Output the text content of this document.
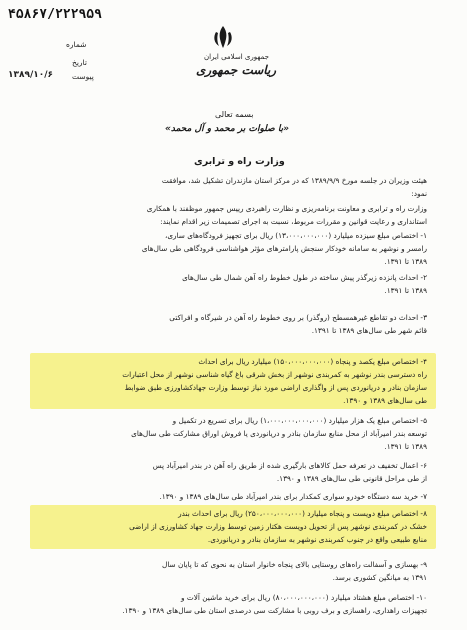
۴۵۸۶۷/۲۲۲۹۵۹
شماره
تاریخ
۱۳۸۹/۱۰/۶	پیوست
جمهوری اسلامی ایران
ریاست جمهوری
بسمه تعالی
«با صلوات بر محمد و آل محمد»
وزارت راه و ترابری
هیئت وزیران در جلسه مورخ ۱۳۸۹/۹/۹ که در مرکز استان مازندران تشکیل شد، موافقت
نمود:
وزارت راه و ترابری و معاونت برنامه‌ریزی و نظارت راهبردی رییس جمهور موظفند با همکاری
استانداری و رعایت قوانین و مقررات مربوط، نسبت به اجرای تصمیمات زیر اقدام نمایند:
۱- اختصاص مبلغ سیزده میلیارد (۱۳،۰۰۰،۰۰۰،۰۰۰) ریال برای تجهیز فرودگاه‌های ساری،
رامسر و نوشهر به سامانه خودکار سنجش پارامترهای مؤثر هواشناسی فرودگاهی طی سال‌های
۱۳۸۹ تا ۱۳۹۱.
۲- احداث پانزده زیرگذر پیش ساخته در طول خطوط راه آهن شمال طی سال‌های
۱۳۸۹ تا ۱۳۹۱.
۳- احداث دو تقاطع غیرهمسطح (روگذر) بر روی خطوط راه آهن در شیرگاه و افراکتی
قائم شهر طی سال‌های ۱۳۸۹ تا ۱۳۹۱.
۴- اختصاص مبلغ یکصد و پنجاه (۱۵۰،۰۰۰،۰۰۰،۰۰۰) میلیارد ریال برای احداث
راه دسترسی بندر نوشهر به کمربندی نوشهر از بخش شرقی باغ گیاه شناسی نوشهر از محل اعتبارات
سازمان بنادر و دریانوردی پس از واگذاری اراضی مورد نیاز توسط وزارت جهادکشاورزی طبق ضوابط
طی سال‌های ۱۳۸۹ و ۱۳۹۰.
۵- اختصاص مبلغ یک هزار میلیارد (۱،۰۰۰،۰۰۰،۰۰۰،۰۰۰) ریال برای تسریع در تکمیل و
توسعه بندر امیرآباد از محل منابع سازمان بنادر و دریانوردی یا فروش اوراق مشارکت طی سال‌های
۱۳۸۹ تا ۱۳۹۱.
۶- اعمال تخفیف در تعرفه حمل کالاهای بارگیری شده از طریق راه آهن در بندر امیرآباد پس
از طی مراحل قانونی طی سال‌های ۱۳۸۹ و ۱۳۹۰.
۷- خرید سه دستگاه خودرو سواری کمکدار برای بندر امیرآباد طی سال‌های ۱۳۸۹ و ۱۳۹۰.
۸- اختصاص مبلغ دویست و پنجاه میلیارد (۲۵۰،۰۰۰،۰۰۰،۰۰۰) ریال برای احداث بندر
خشک در کمربندی نوشهر پس از تحویل دویست هکتار زمین توسط وزارت جهاد کشاورزی از اراضی
منابع طبیعی واقع در جنوب کمربندی نوشهر به سازمان بنادر و دریانوردی.
۹- بهسازی و آسفالت راه‌های روستایی بالای پنجاه خانوار استان به نحوی که تا پایان سال
۱۳۹۱ به میانگین کشوری برسد.
۱۰- اختصاص مبلغ هشتاد میلیارد (۸۰،۰۰۰،۰۰۰،۰۰۰) ریال برای خرید ماشین آلات و
تجهیزات راهداری، راهسازی و برف روبی با مشارکت سی درصدی استان طی سال‌های ۱۳۸۹ و ۱۳۹۰.
